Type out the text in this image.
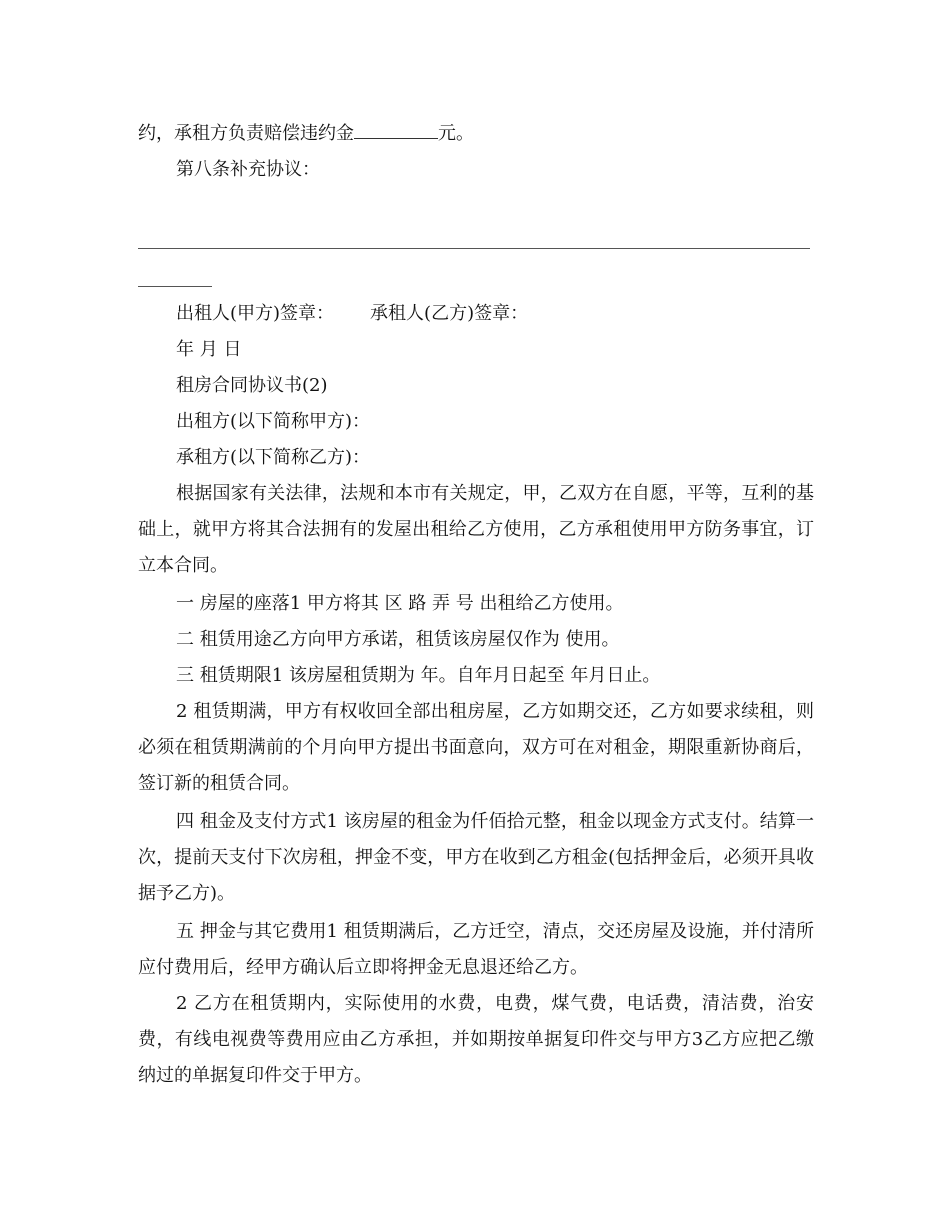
约，承租方负责赔偿违约金	元。

第八条补充协议：

出租人(甲方)签章： 承租人(乙方)签章：

年 月 日

租房合同协议书(2)

出租方(以下简称甲方)：

承租方(以下简称乙方)：

根据国家有关法律，法规和本市有关规定，甲，乙双方在自愿，平等，互利的基础上，就甲方将其合法拥有的发屋出租给乙方使用，乙方承租使用甲方防务事宜，订立本合同。

一 房屋的座落1 甲方将其 区 路 弄 号 出租给乙方使用。

二 租赁用途乙方向甲方承诺，租赁该房屋仅作为 使用。

三 租赁期限1 该房屋租赁期为 年。自年月日起至 年月日止。

2 租赁期满，甲方有权收回全部出租房屋，乙方如期交还，乙方如要求续租，则必须在租赁期满前的个月向甲方提出书面意向，双方可在对租金，期限重新协商后，签订新的租赁合同。

四 租金及支付方式1 该房屋的租金为仟佰拾元整，租金以现金方式支付。结算一次，提前天支付下次房租，押金不变，甲方在收到乙方租金(包括押金后，必须开具收据予乙方)。

五 押金与其它费用1 租赁期满后，乙方迁空，清点，交还房屋及设施，并付清所应付费用后，经甲方确认后立即将押金无息退还给乙方。

2 乙方在租赁期内，实际使用的水费，电费，煤气费，电话费，清洁费，治安费，有线电视费等费用应由乙方承担，并如期按单据复印件交与甲方3乙方应把乙缴纳过的单据复印件交于甲方。
